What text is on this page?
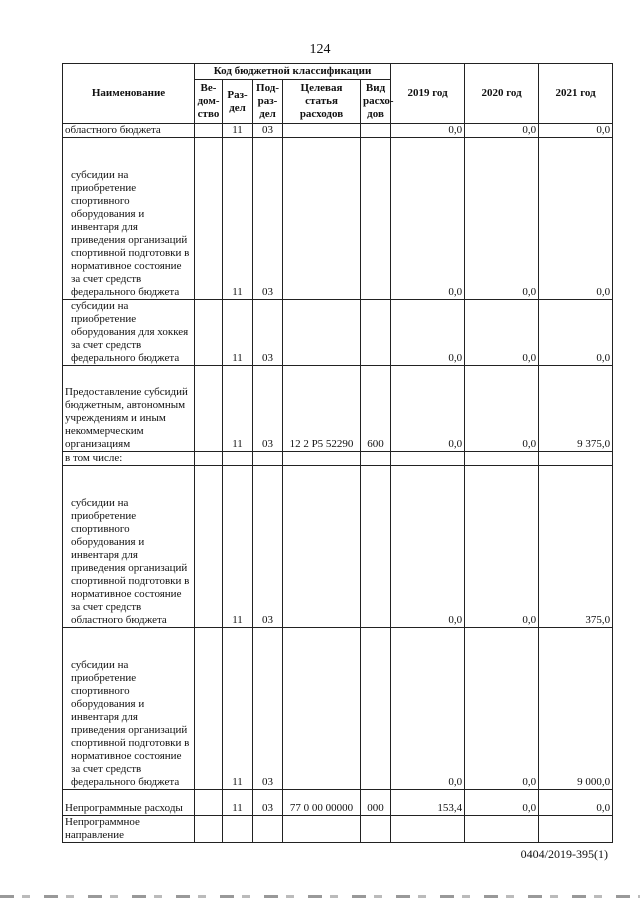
124
Наименование	Код бюджетной классификации					2019 год	2020 год	2021 год
	Ве-дом-ство	Раз-дел	Под-раз-дел	Целевая статья расходов	Вид расхо-дов			
областного бюджета		11	03			0,0	0,0	0,0
субсидии на приобретение спортивного оборудования и инвентаря для приведения организаций спортивной подготовки в нормативное состояние за счет средств федерального бюджета		11	03			0,0	0,0	0,0
субсидии на приобретение оборудования для хоккея за счет средств федерального бюджета		11	03			0,0	0,0	0,0
Предоставление субсидий бюджетным, автономным учреждениям и иным некоммерческим организациям		11	03	12 2 P5 52290	600	0,0	0,0	9 375,0
в том числе:								
субсидии на приобретение спортивного оборудования и инвентаря для приведения организаций спортивной подготовки в нормативное состояние за счет средств областного бюджета		11	03			0,0	0,0	375,0
субсидии на приобретение спортивного оборудования и инвентаря для приведения организаций спортивной подготовки в нормативное состояние за счет средств федерального бюджета		11	03			0,0	0,0	9 000,0
Непрограммные расходы		11	03	77 0 00 00000	000	153,4	0,0	0,0
Непрограммное направление								
0404/2019-395(1)
